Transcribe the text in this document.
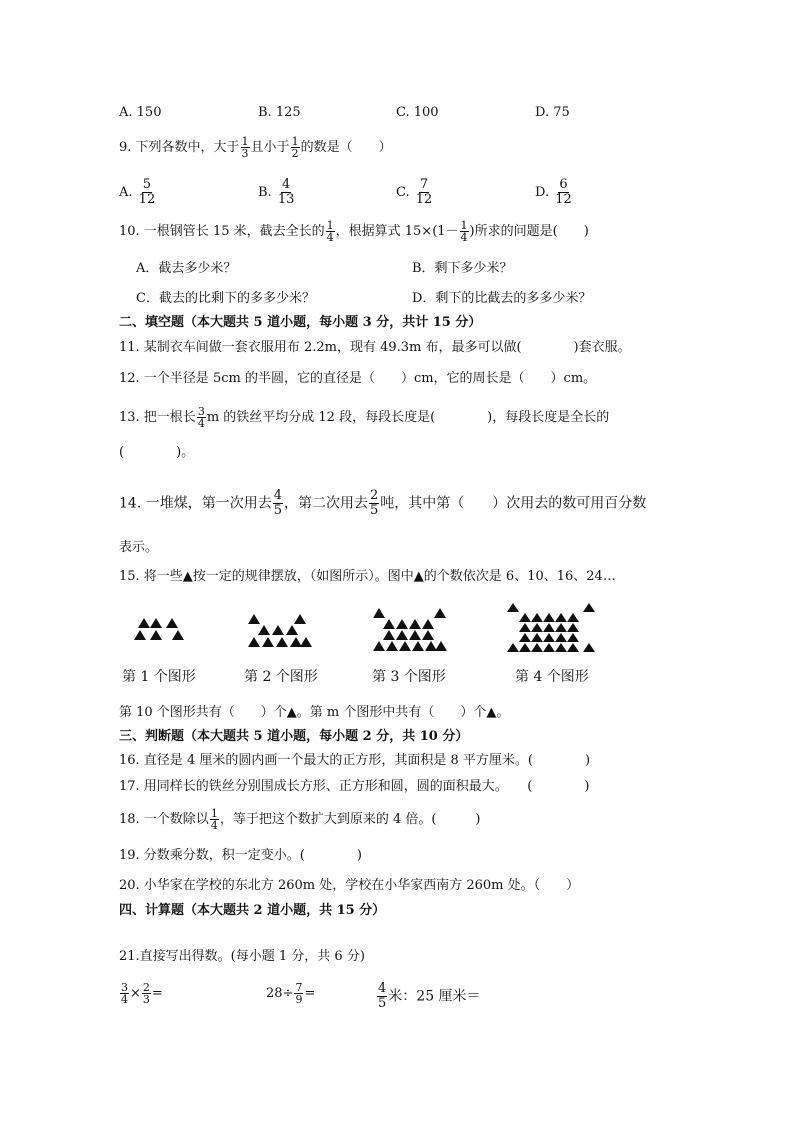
A. 150	B. 125	C. 100	D. 75
9. 下列各数中，大于 $\frac{1}{3}$ 且小于 $\frac{1}{2}$ 的数是（　　）
A. $\frac{5}{12}$	B. $\frac{4}{13}$	C. $\frac{7}{12}$	D. $\frac{6}{12}$
10. 一根钢管长 15 米，截去全长的 $\frac{1}{4}$ ，根据算式 $15\times(1- \frac{1}{4}$ )所求的问题是(　　)
A．截去多少米？	B．剩下多少米？
C．截去的比剩下的多多少米？	D．剩下的比截去的多多少米？
二、填空题（本大题共 5 道小题，每小题 3 分，共计 15 分）
11. 某制衣车间做一套衣服用布 2.2m，现有 49.3m 布，最多可以做(　　　　)套衣服。
12. 一个半径是 5cm 的半圆，它的直径是（　　）cm，它的周长是（　　）cm。
13. 把一根长 $\frac{3}{4}$ m 的铁丝平均分成 12 段，每段长度是(　　　　)，每段长度是全长的
(　　　　)。
14. 一堆煤，第一次用去 $\frac{4}{5}$ ，第二次用去 $\frac{2}{5}$ 吨，其中第（　　）次用去的数可用百分数
表示。
15. 将一些▲按一定的规律摆放，（如图所示）。图中▲的个数依次是 6、10、16、24…
第 1 个图形	第 2 个图形	第 3 个图形	第 4 个图形
第 10 个图形共有（　　）个▲。第 m 个图形中共有（　　）个▲。
三、判断题（本大题共 5 道小题，每小题 2 分，共 10 分）
16. 直径是 4 厘米的圆内画一个最大的正方形，其面积是 8 平方厘米。(　　　　)
17. 用同样长的铁丝分别围成长方形、正方形和圆，圆的面积最大。　　(　　　　)
18. 一个数除以 $\frac{1}{4}$ ，等于把这个数扩大到原来的 4 倍。(　　　)
19. 分数乘分数，积一定变小。(　　　　)
20. 小华家在学校的东北方 260m 处，学校在小华家西南方 260m 处。（　　）
四、计算题（本大题共 2 道小题，共 15 分）
21.直接写出得数。(每小题 1 分，共 6 分)
$\frac{3}{4} \times \frac{2}{3}$ =	$28\div \frac{7}{9}$ =	$\frac{4}{5}$ 米：25 厘米＝
